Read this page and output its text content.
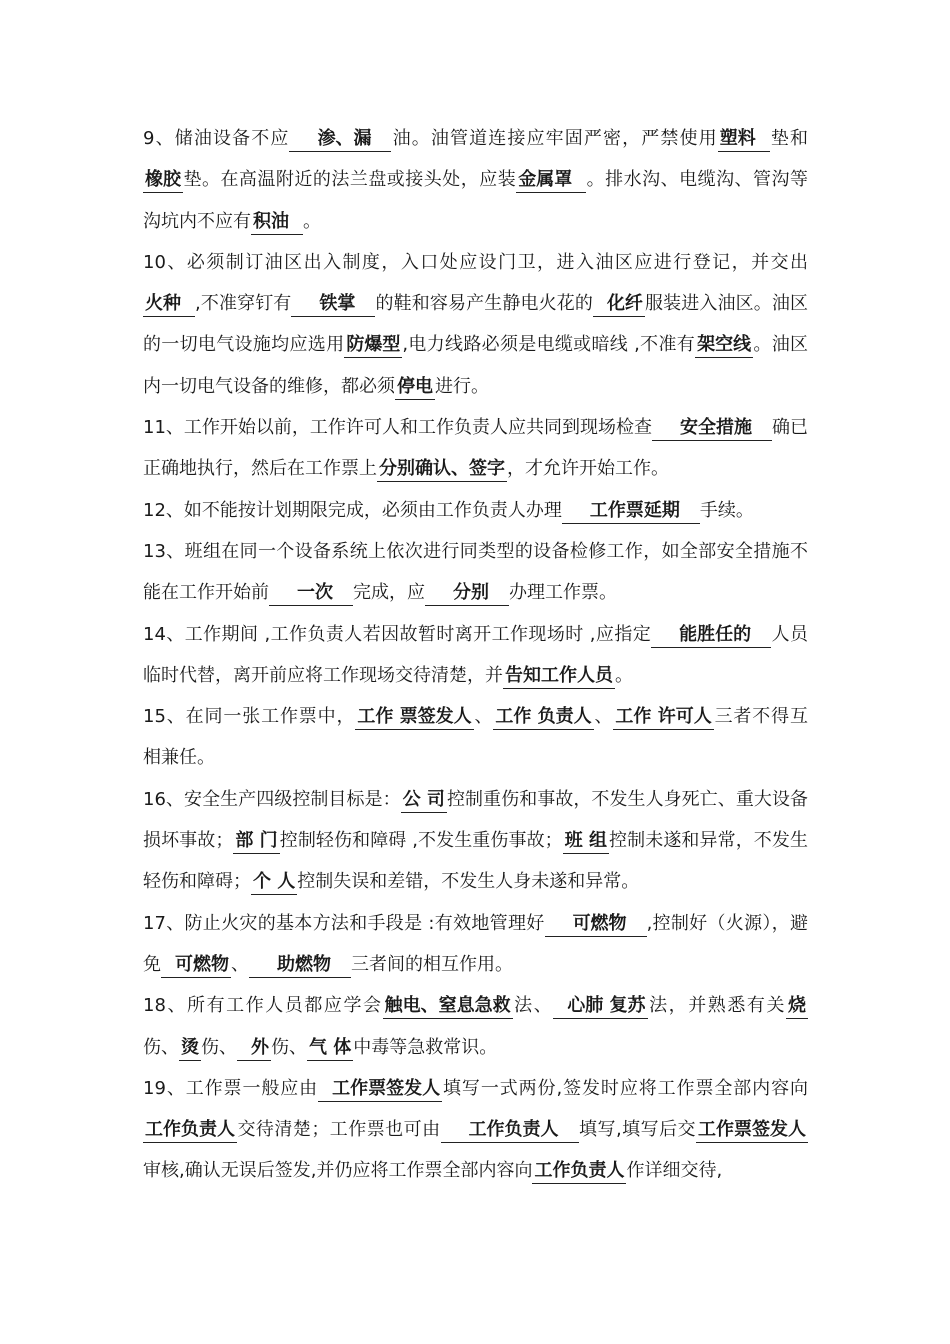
9、储油设备不应 渗、漏 油。油管道连接应牢固严密，严禁使用 塑料 垫和橡胶 垫。在高温附近的法兰盘或接头处，应装 金属罩 。排水沟、电缆沟、管沟等沟坑内不应有 积油 。

10、必须制订油区出入制度，入口处应设门卫，进入油区应进行登记，并交出火种 ,不准穿钉有 铁掌 的鞋和容易产生静电火花的 化纤 服装进入油区。油区的一切电气设施均应选用 防爆型 ,电力线路必须是电缆或暗线 ,不准有 架空线 。油区内一切电气设备的维修，都必须 停电 进行。

11、工作开始以前，工作许可人和工作负责人应共同到现场检查 安全措施 确已正确地执行，然后在工作票上 分别确认、签字 ，才允许开始工作。

12、如不能按计划期限完成，必须由工作负责人办理 工作票延期 手续。

13、班组在同一个设备系统上依次进行同类型的设备检修工作，如全部安全措施不能在工作开始前 一次 完成，应 分别 办理工作票。

14、工作期间 ,工作负责人若因故暂时离开工作现场时 ,应指定 能胜任的 人员临时代替，离开前应将工作现场交待清楚，并 告知工作人员 。

15、在同一张工作票中， 工作 票签发人 、 工作 负责人 、 工作 许可人 三者不得互相兼任。

16、安全生产四级控制目标是： 公 司 控制重伤和事故，不发生人身死亡、重大设备损坏事故； 部 门 控制轻伤和障碍 ,不发生重伤事故； 班 组 控制未遂和异常，不发生轻伤和障碍； 个 人 控制失误和差错，不发生人身未遂和异常。

17、防止火灾的基本方法和手段是 :有效地管理好 可燃物 ,控制好（火源），避免 可燃物 、 助燃物 三者间的相互作用。

18、所有工作人员都应学会 触电、窒息急救 法、 心肺 复苏 法，并熟悉有关 烧伤、 烫 伤、 外 伤、 气 体 中毒等急救常识。

19、工作票一般应由 工作票签发人 填写一式两份,签发时应将工作票全部内容向工作负责人 交待清楚；工作票也可由 工作负责人 填写,填写后交 工作票签发人审核,确认无误后签发,并仍应将工作票全部内容向 工作负责人 作详细交待,
